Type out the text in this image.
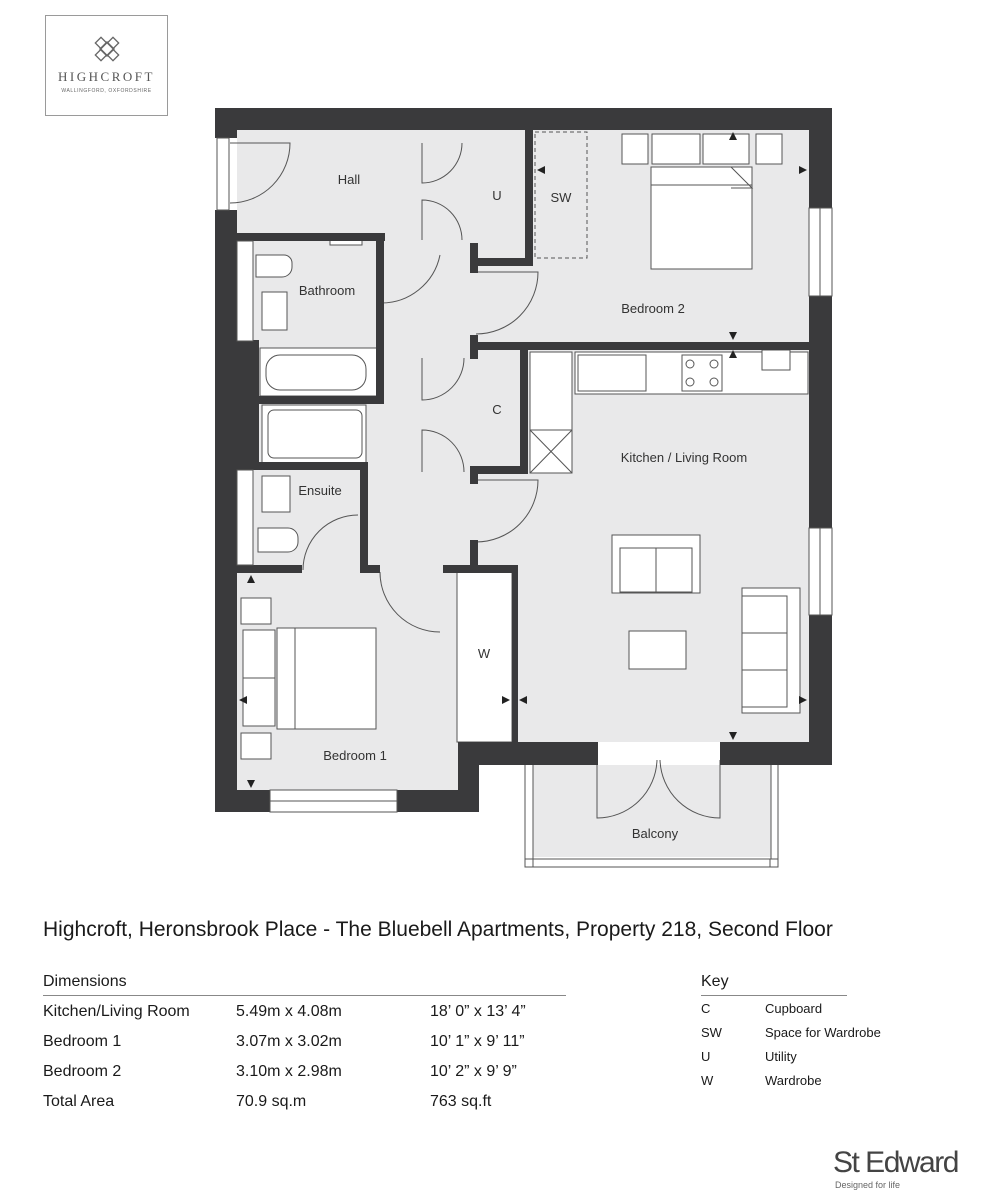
HIGHCROFT
WALLINGFORD, OXFORDSHIRE
Hall
U	SW
Bedroom 2
Bathroom
C
Kitchen / Living Room
Ensuite
W
Bedroom 1
Balcony
Highcroft, Heronsbrook Place - The Bluebell Apartments, Property 218, Second Floor
Dimensions
Kitchen/Living Room	5.49m x 4.08m	18’ 0” x 13’ 4”
Bedroom 1	3.07m x 3.02m	10’ 1” x 9’ 11”
Bedroom 2	3.10m x 2.98m	10’ 2” x 9’ 9”
Total Area	70.9 sq.m	763 sq.ft
Key
C	Cupboard
SW	Space for Wardrobe
U	Utility
W	Wardrobe
St Edward
Designed for life
